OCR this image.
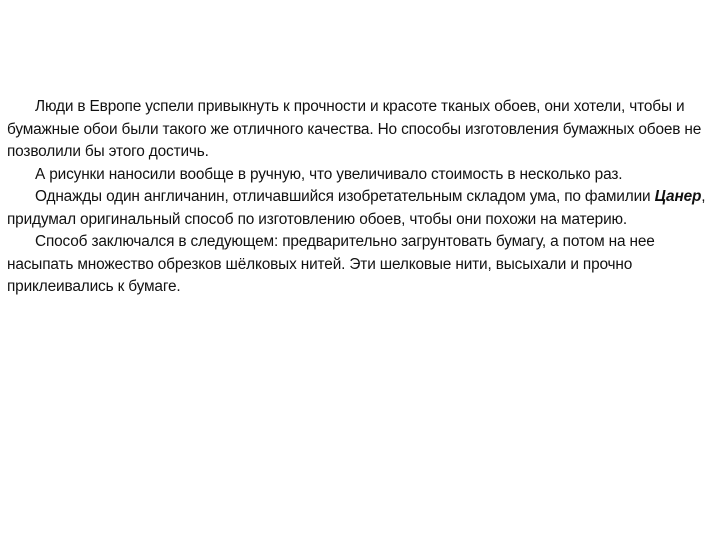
Люди в Европе успели привыкнуть к прочности и красоте тканых обоев, они хотели, чтобы и бумажные обои были такого же отличного качества. Но способы изготовления бумажных обоев не позволили бы этого достичь.

А рисунки наносили вообще в ручную, что увеличивало стоимость в несколько раз.

Однажды один англичанин, отличавшийся изобретательным складом ума, по фамилии Цанер, придумал оригинальный способ по изготовлению обоев, чтобы они похожи на материю.

Способ заключался в следующем: предварительно загрунтовать бумагу, а потом на нее насыпать множество обрезков шёлковых нитей. Эти шелковые нити, высыхали и прочно приклеивались к бумаге.
